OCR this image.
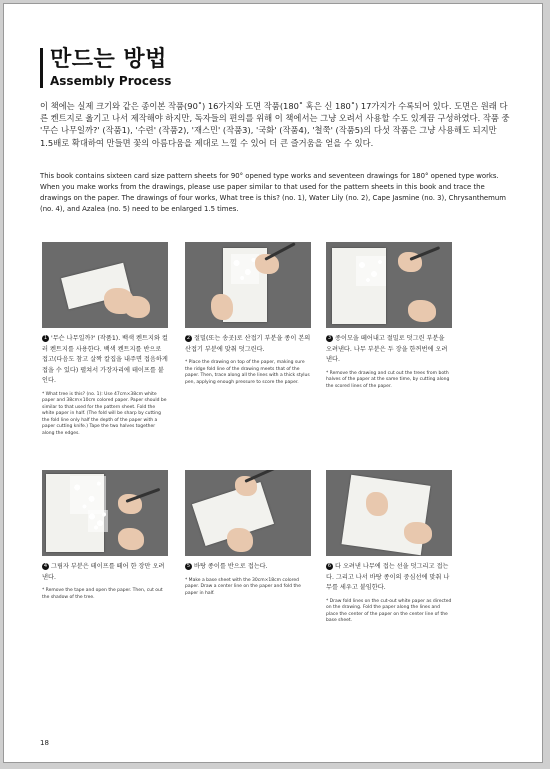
만드는 방법
Assembly Process
이 책에는 실제 크기와 같은 종이본 작품(90˚) 16가지와 도면 작품(180˚ 혹은 신 180˚) 17가지가 수록되어 있다. 도면은 원래 다른 켄트지로 옮기고 나서 제작해야 하지만, 독자들의 편의를 위해 이 책에서는 그냥 오려서 사용할 수도 있게끔 구성하였다. 작품 중 '무슨 나무일까?' (작품1), '수련' (작품2), '재스민' (작품3), '국화' (작품4), '철쭉' (작품5)의 다섯 작품은 그냥 사용해도 되지만 1.5배로 확대하여 만들면 꽃의 아름다움을 제대로 느낄 수 있어 더 큰 즐거움을 얻을 수 있다.
This book contains sixteen card size pattern sheets for 90° opened type works and seventeen drawings for 180° opened type works. When you make works from the drawings, please use paper similar to that used for the pattern sheets in this book and trace the drawings on the paper. The drawings of four works, What tree is this? (no. 1), Water Lily (no. 2), Cape Jasmine (no. 3), Chrysanthemum (no. 4), and Azalea (no. 5) need to be enlarged 1.5 times.
1 '무슨 나무일까?' (작품1). 백색 켄트지와 컬러 켄트지를 사용한다. 백색 켄트지를 반으로 접고(다음도 참고 살짝 칼집을 내주면 접음하게 접을 수 있다) 펼쳐서 가장자리에 테이프를 붙인다.
* What tree is this? (no. 1): Use 47cm×38cm white paper and 38cm×10cm colored paper. Paper should be similar to that used for the pattern sheet. Fold the white paper in half. (The fold will be sharp by cutting the fold line only half the depth of the paper with a paper cutting knife.) Tape the two halves together along the edges.
2 절밀(또는 송곳)로 산접기 부분을 종이 본의 산접기 부분에 맞춰 덧그린다.
* Place the drawing on top of the paper, making sure the ridge fold line of the drawing meets that of the paper. Then, trace along all the lines with a thick stylus pen, applying enough pressure to score the paper.
3 종이모을 떼어내고 절밀로 덧그린 부분을 오려낸다. 나무 부분은 두 장을 한꺼번에 오려낸다.
* Remove the drawing and cut out the trees from both halves of the paper at the same time, by cutting along the scored lines of the paper.
4 그림자 부분은 테이프를 떼어 한 장만 오려낸다.
* Remove the tape and open the paper. Then, cut out the shadow of the tree.
5 바탕 종이를 반으로 접는다.
* Make a base sheet with the 30cm×18cm colored paper. Draw a center line on the paper and fold the paper in half.
6 다 오려낸 나무에 접는 선을 덧그리고 접는다. 그리고 나서 바탕 종이의 중심선에 맞춰 나무를 세우고 붙임한다.
* Draw fold lines on the cut-out white paper as directed on the drawing. Fold the paper along the lines and place the center of the paper on the center line of the base sheet.
18
